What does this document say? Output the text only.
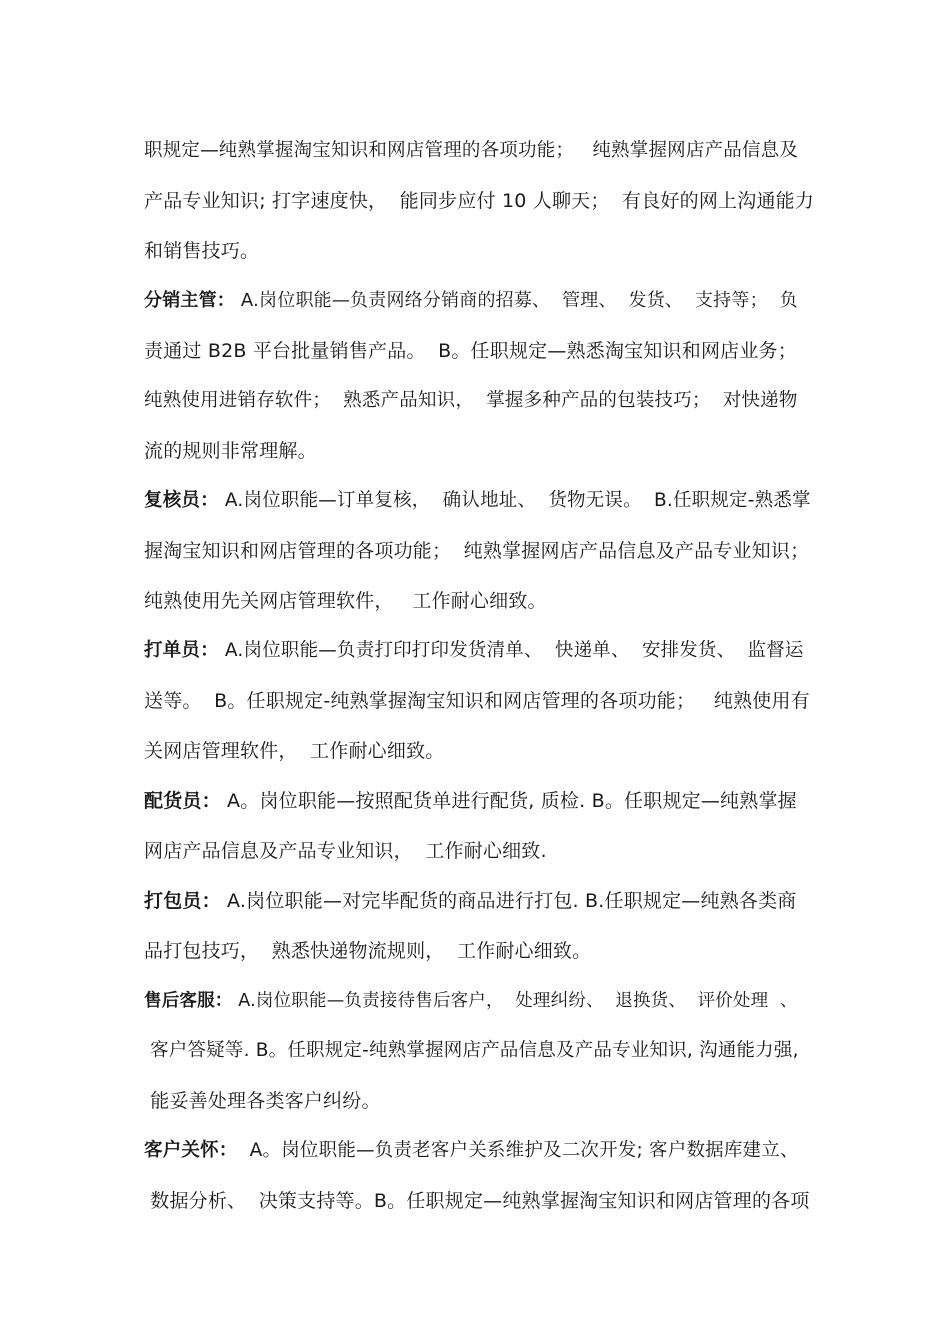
职规定—纯熟掌握淘宝知识和网店管理的各项功能；   纯熟掌握网店产品信息及
产品专业知识; 打字速度快，  能同步应付 10 人聊天；  有良好的网上沟通能力
和销售技巧。
分销主管： A.岗位职能—负责网络分销商的招募、  管理、  发货、  支持等；  负
责通过 B2B 平台批量销售产品。  B。任职规定—熟悉淘宝知识和网店业务；
纯熟使用进销存软件；  熟悉产品知识，  掌握多种产品的包装技巧；  对快递物
流的规则非常理解。
复核员： A.岗位职能—订单复核，  确认地址、  货物无误。  B.任职规定-熟悉掌
握淘宝知识和网店管理的各项功能；  纯熟掌握网店产品信息及产品专业知识；
纯熟使用先关网店管理软件，   工作耐心细致。
打单员： A.岗位职能—负责打印打印发货清单、  快递单、  安排发货、  监督运
送等。  B。任职规定-纯熟掌握淘宝知识和网店管理的各项功能；   纯熟使用有
关网店管理软件，  工作耐心细致。
配货员： A。岗位职能—按照配货单进行配货, 质检. B。任职规定—纯熟掌握
网店产品信息及产品专业知识，  工作耐心细致.
打包员： A.岗位职能—对完毕配货的商品进行打包. B.任职规定—纯熟各类商
品打包技巧，  熟悉快递物流规则，  工作耐心细致。
售后客服： A.岗位职能—负责接待售后客户，  处理纠纷、  退换货、  评价处理  、
客户答疑等. B。任职规定-纯熟掌握网店产品信息及产品专业知识, 沟通能力强,
能妥善处理各类客户纠纷。
客户关怀：  A。岗位职能—负责老客户关系维护及二次开发; 客户数据库建立、
数据分析、  决策支持等。B。任职规定—纯熟掌握淘宝知识和网店管理的各项
